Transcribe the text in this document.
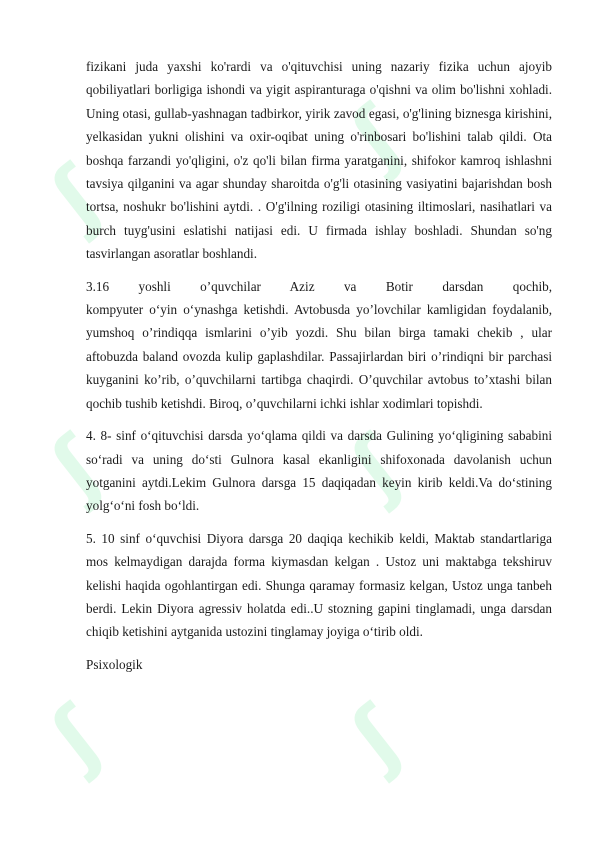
ʃ
ʃ
ʃ	ʃ
ʃ	ʃ

fizikani juda yaxshi ko'rardi va o'qituvchisi uning nazariy fizika uchun ajoyib qobiliyatlari borligiga ishondi va yigit aspiranturaga o'qishni va olim bo'lishni xohladi. Uning otasi, gullab-yashnagan tadbirkor, yirik zavod egasi, o'g'lining biznesga kirishini, yelkasidan yukni olishini va oxir-oqibat uning o'rinbosari bo'lishini talab qildi. Ota boshqa farzandi yo'qligini, o'z qo'li bilan firma yaratganini, shifokor kamroq ishlashni tavsiya qilganini va agar shunday sharoitda o'g'li otasining vasiyatini bajarishdan bosh tortsa, noshukr bo'lishini aytdi. . O'g'ilning roziligi otasining iltimoslari, nasihatlari va burch tuyg'usini eslatishi natijasi edi. U firmada ishlay boshladi. Shundan so'ng tasvirlangan asoratlar boshlandi.

3.16 yoshli o’quvchilar Aziz va Botir darsdan qochib,

kompyuter o‘yin o‘ynashga ketishdi. Avtobusda yo’lovchilar kamligidan foydalanib, yumshoq o’rindiqqa ismlarini o’yib yozdi. Shu bilan birga tamaki chekib , ular aftobuzda baland ovozda kulip gaplashdilar. Passajirlardan biri o’rindiqni bir parchasi kuyganini ko’rib, o’quvchilarni tartibga chaqirdi. O’quvchilar avtobus to’xtashi bilan qochib tushib ketishdi. Biroq, o’quvchilarni ichki ishlar xodimlari topishdi.

4. 8- sinf o‘qituvchisi darsda yo‘qlama qildi va darsda Gulining yo‘qligining sababini so‘radi va uning do‘sti Gulnora kasal ekanligini shifoxonada davolanish uchun yotganini aytdi.Lekim Gulnora darsga 15 daqiqadan keyin kirib keldi.Va do‘stining yolg‘o‘ni fosh bo‘ldi.

5. 10 sinf o‘quvchisi Diyora darsga 20 daqiqa kechikib keldi, Maktab standartlariga mos kelmaydigan darajda forma kiymasdan kelgan . Ustoz uni maktabga tekshiruv kelishi haqida ogohlantirgan edi. Shunga qaramay formasiz kelgan, Ustoz unga tanbeh berdi. Lekin Diyora agressiv holatda edi..U stozning gapini tinglamadi, unga darsdan chiqib ketishini aytganida ustozini tinglamay joyiga o‘tirib oldi.

Psixologik
